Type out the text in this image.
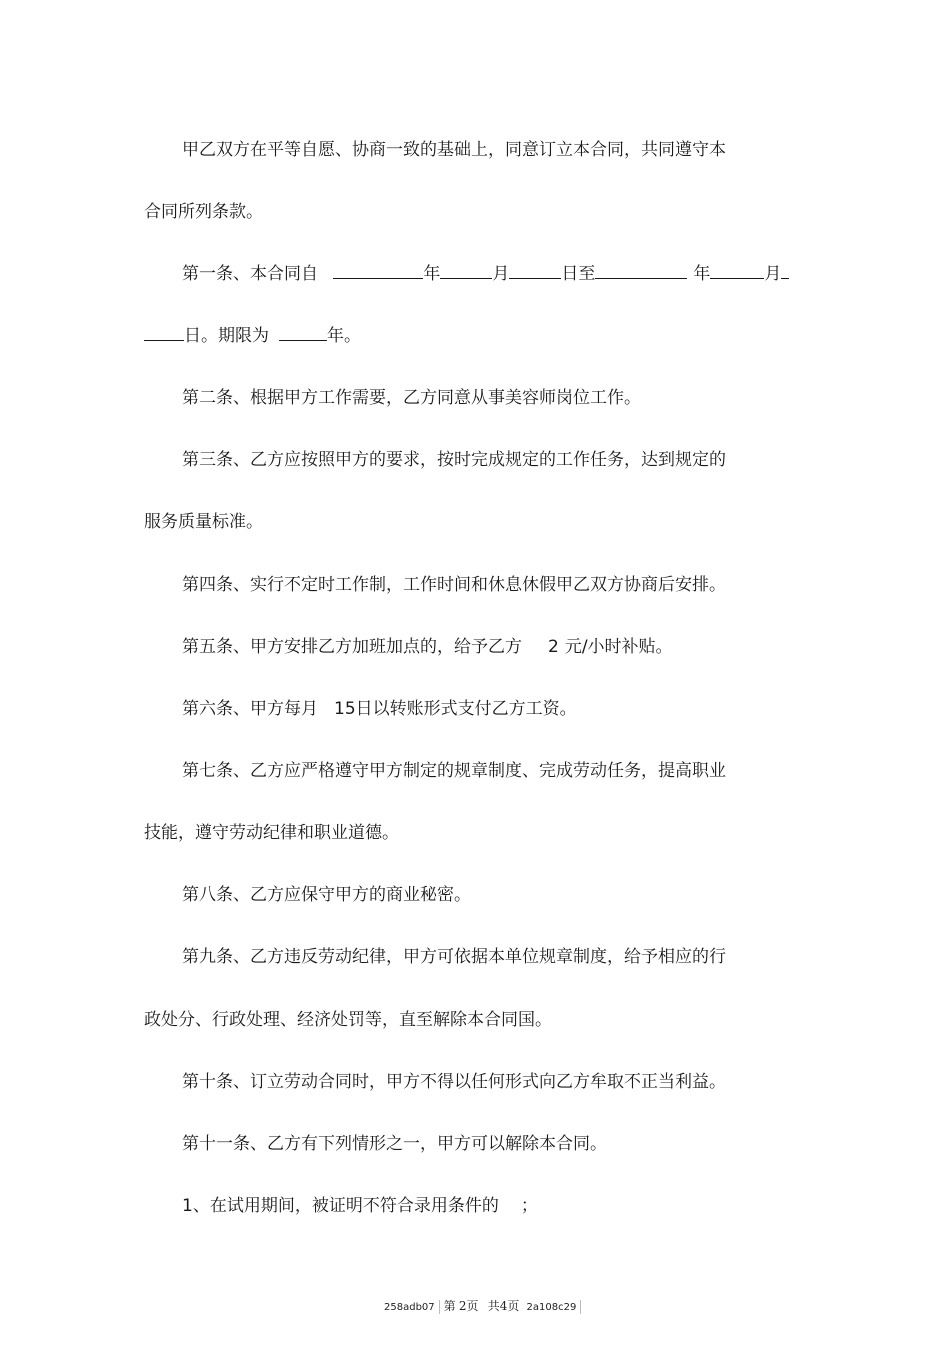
甲乙双方在平等自愿、协商一致的基础上，同意订立本合同，共同遵守本
合同所列条款。
第一条、本合同自	年	月	日至	年	月
日。期限为	年。
第二条、根据甲方工作需要，乙方同意从事美容师岗位工作。
第三条、乙方应按照甲方的要求，按时完成规定的工作任务，达到规定的
服务质量标准。
第四条、实行不定时工作制，工作时间和休息休假甲乙双方协商后安排。
第五条、甲方安排乙方加班加点的，给予乙方 2 元/小时补贴。
第六条、甲方每月 15日以转账形式支付乙方工资。
第七条、乙方应严格遵守甲方制定的规章制度、完成劳动任务，提高职业
技能，遵守劳动纪律和职业道德。
第八条、乙方应保守甲方的商业秘密。
第九条、乙方违反劳动纪律，甲方可依据本单位规章制度，给予相应的行
政处分、行政处理、经济处罚等，直至解除本合同国。
第十条、订立劳动合同时，甲方不得以任何形式向乙方牟取不正当利益。
第十一条、乙方有下列情形之一，甲方可以解除本合同。
1、在试用期间，被证明不符合录用条件的 ；
258adb07 第 2页 共4页 2a108c29
